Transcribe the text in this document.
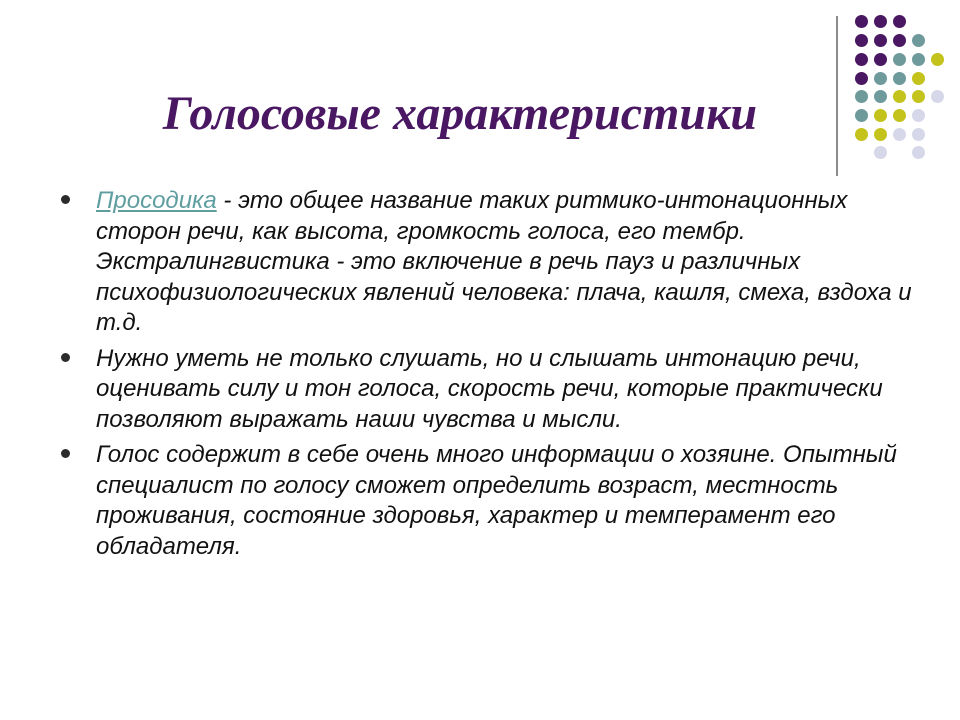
Голосовые характеристики
Просодика - это общее название таких ритмико-интонационных сторон речи, как высота, громкость голоса, его тембр. Экстралингвистика - это включение в речь пауз и различных психофизиологических явлений человека: плача, кашля, смеха, вздоха и т.д.
Нужно уметь не только слушать, но и слышать интонацию речи, оценивать силу и тон голоса, скорость речи, которые практически позволяют выражать наши чувства и мысли.
Голос содержит в себе очень много информации о хозяине. Опытный специалист по голосу сможет определить возраст, местность проживания, состояние здоровья, характер и темперамент его обладателя.
